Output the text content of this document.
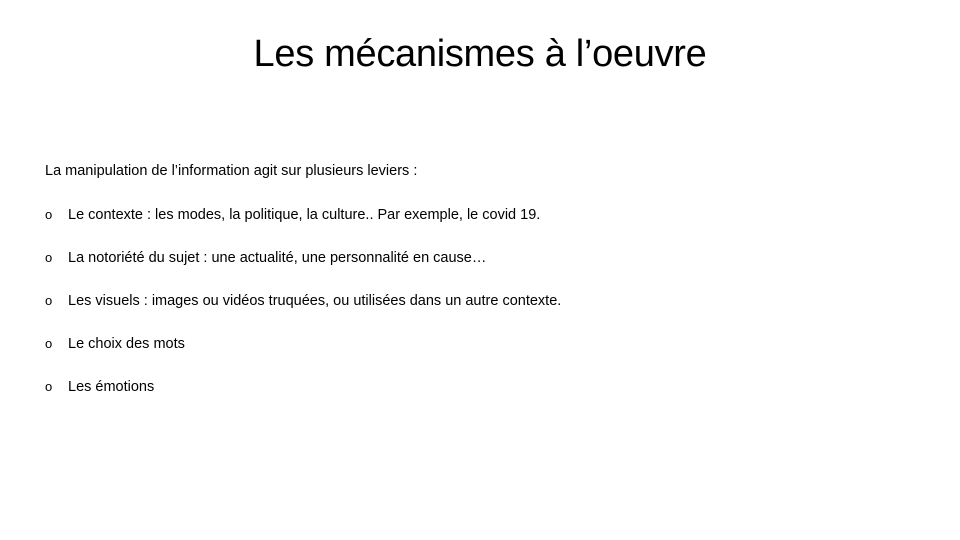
Les mécanismes à l’oeuvre

La manipulation de l’information agit sur plusieurs leviers :

o	Le contexte : les modes, la politique, la culture.. Par exemple, le covid 19.
o	La notoriété du sujet : une actualité, une personnalité en cause…
o	Les visuels : images ou vidéos truquées, ou utilisées dans un autre contexte.
o	Le choix des mots
o	Les émotions
